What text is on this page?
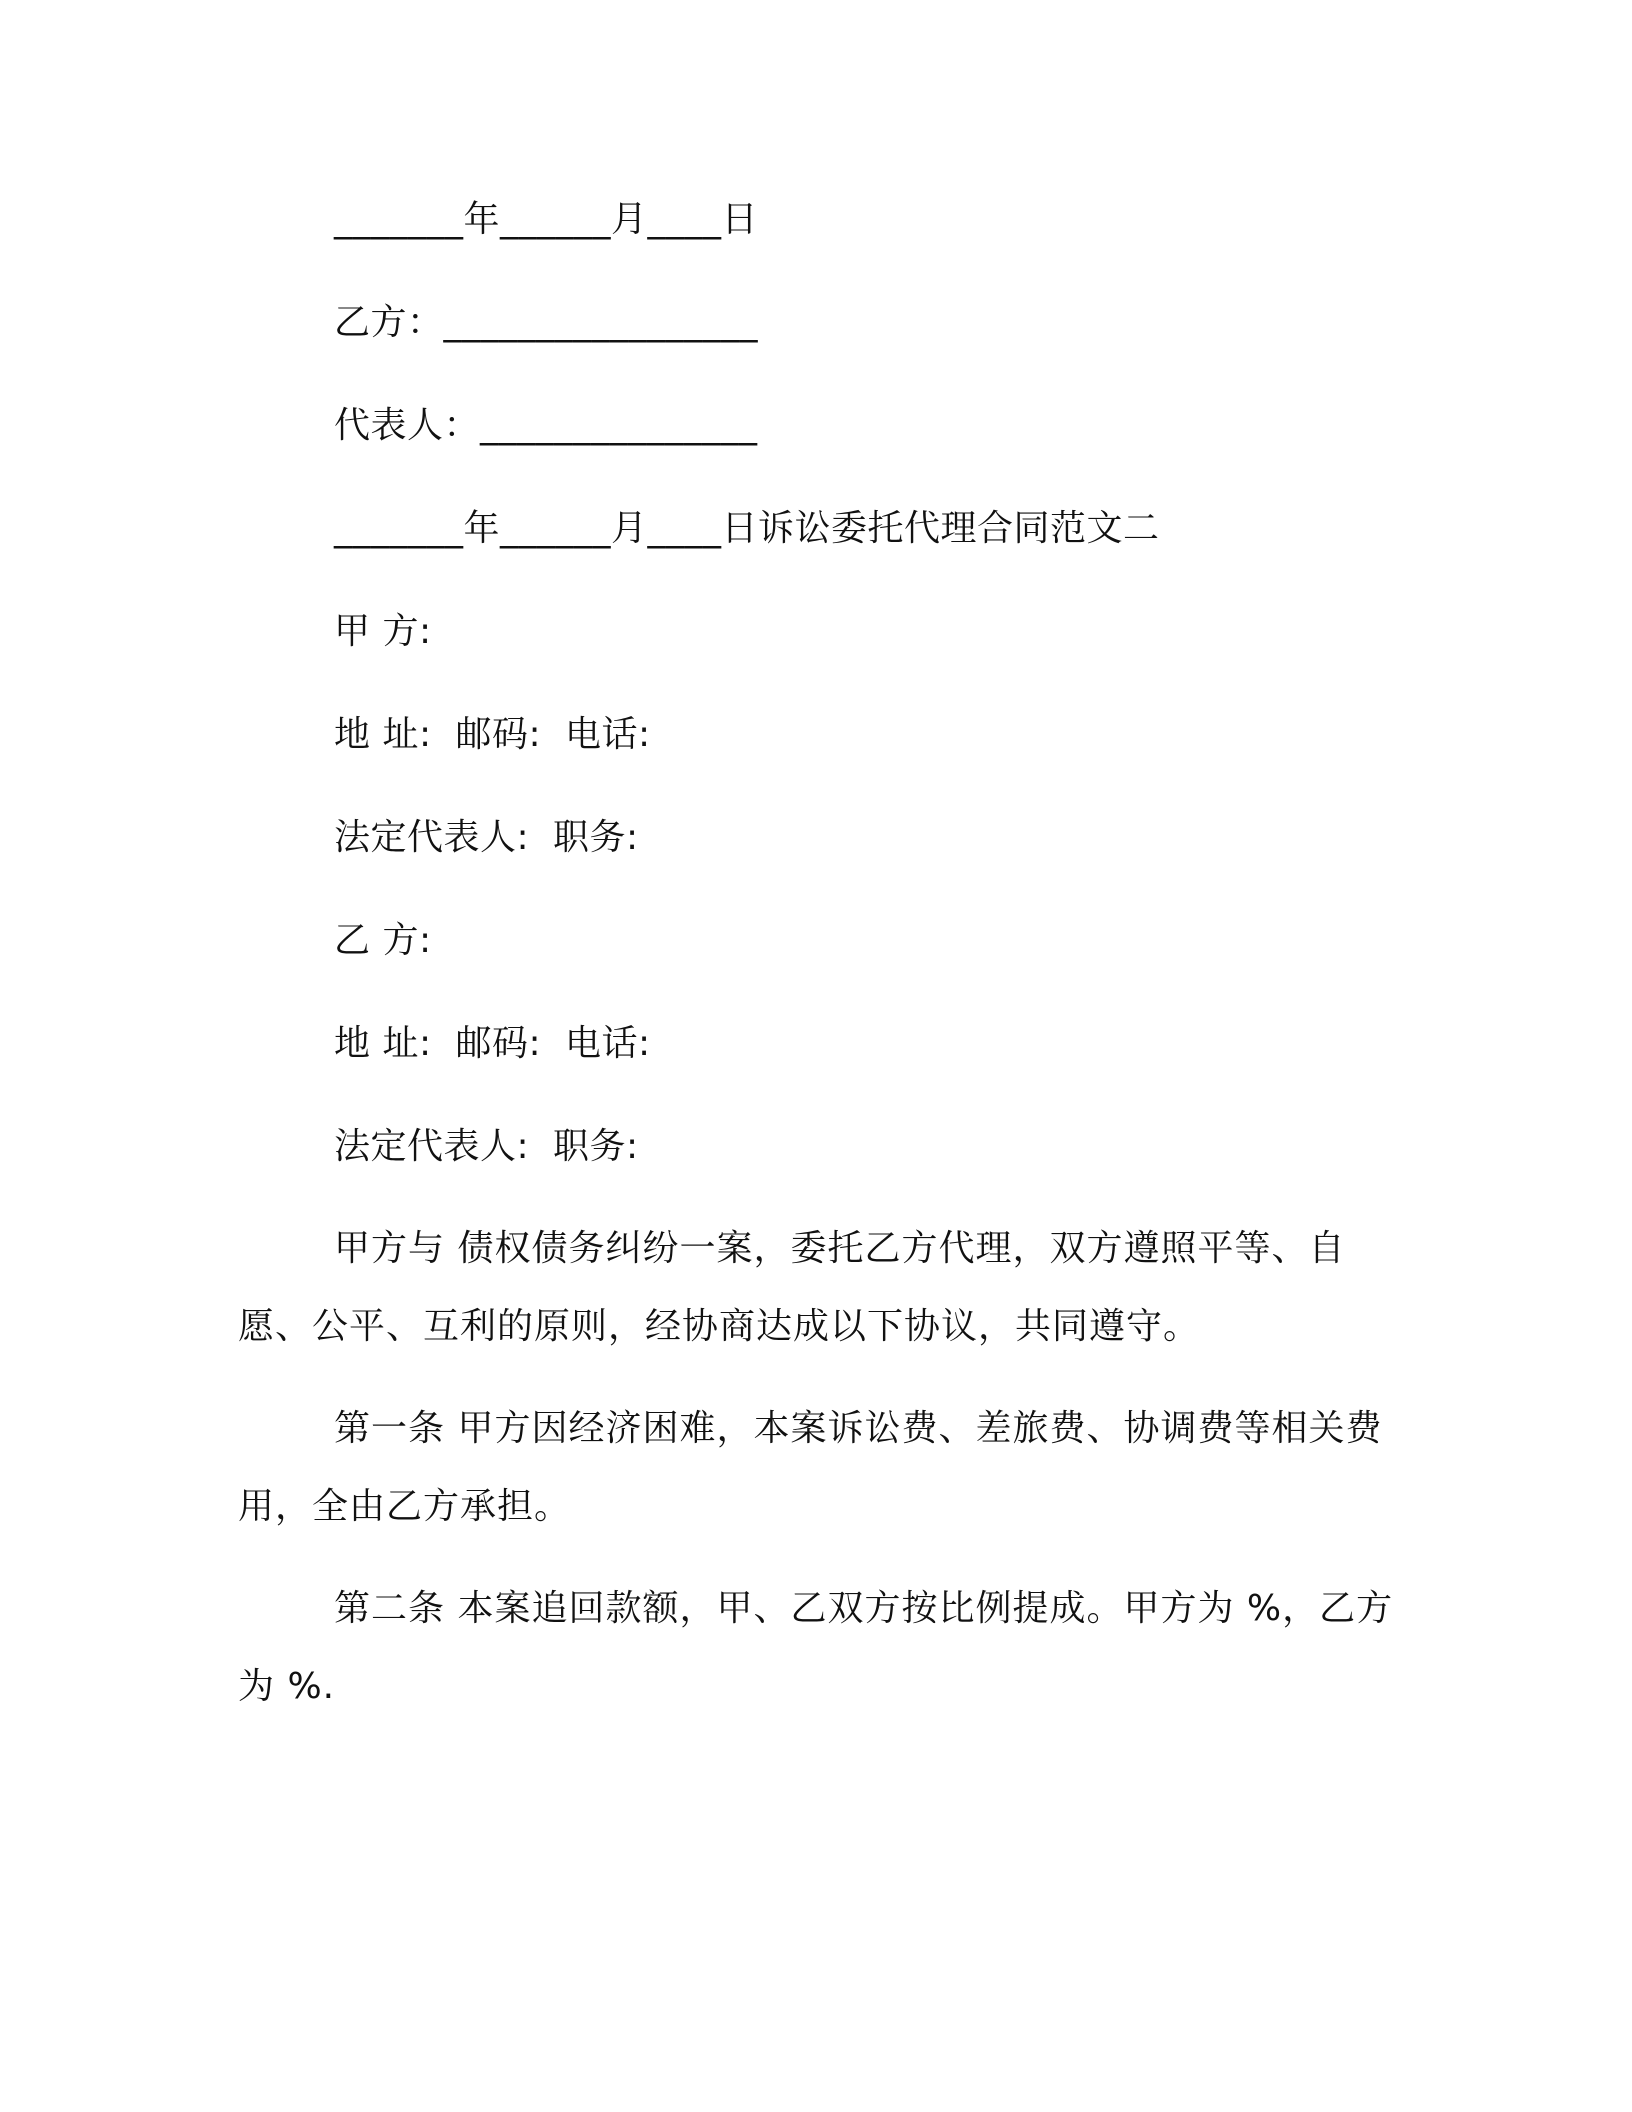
_______年______月____日
乙方：_________________
代表人：_______________
_______年______月____日诉讼委托代理合同范文二
甲 方:
地 址:  邮码:  电话:
法定代表人:  职务:
乙 方:
地 址:  邮码:  电话:
法定代表人:  职务:
甲方与 债权债务纠纷一案，委托乙方代理，双方遵照平等、自愿、公平、互利的原则，经协商达成以下协议，共同遵守。
第一条 甲方因经济困难，本案诉讼费、差旅费、协调费等相关费用，全由乙方承担。
第二条 本案追回款额，甲、乙双方按比例提成。甲方为 %，乙方为 %.
